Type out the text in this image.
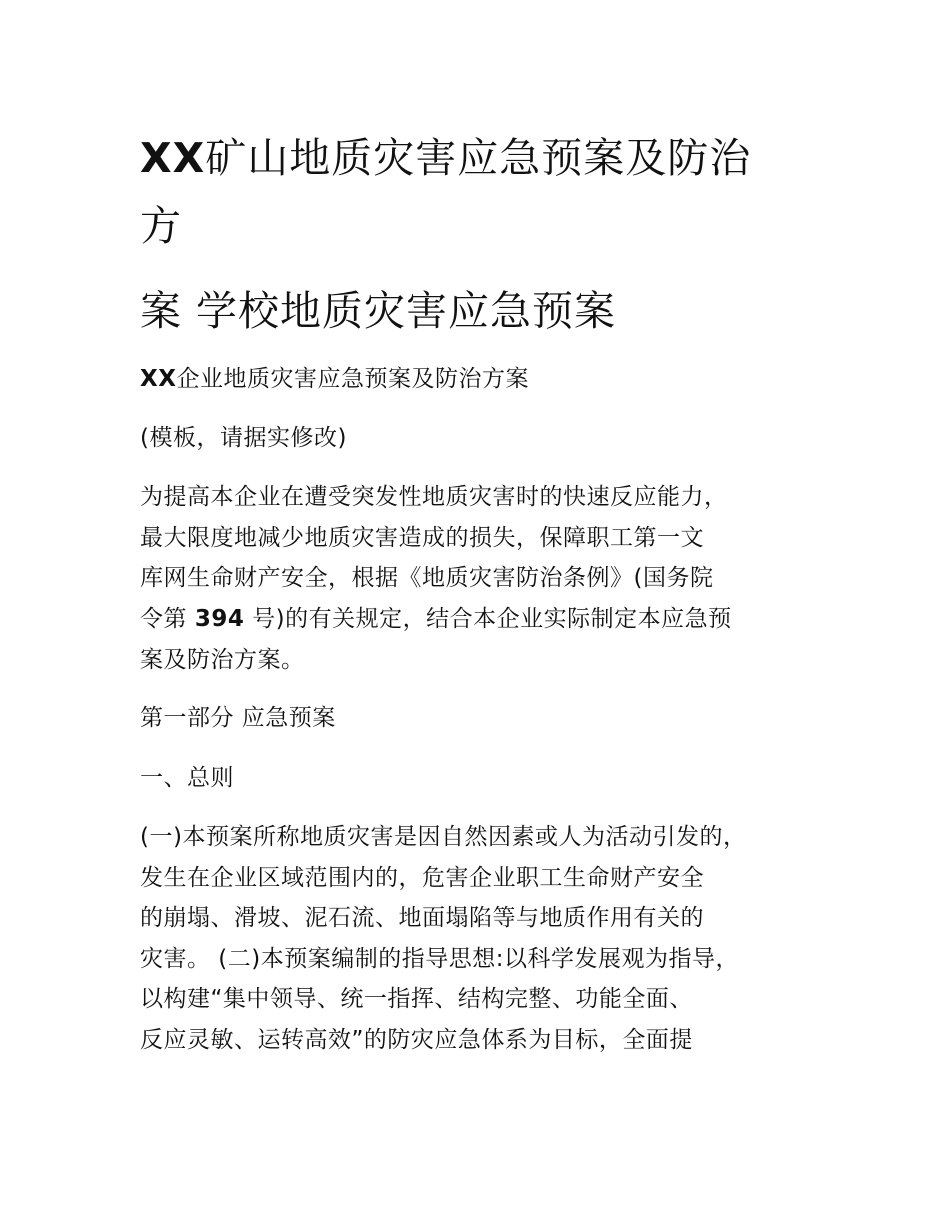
XX矿山地质灾害应急预案及防治
方
案 学校地质灾害应急预案
XX企业地质灾害应急预案及防治方案
(模板，请据实修改)
为提高本企业在遭受突发性地质灾害时的快速反应能力，
最大限度地减少地质灾害造成的损失，保障职工第一文
库网生命财产安全，根据《地质灾害防治条例》(国务院
令第 394 号)的有关规定，结合本企业实际制定本应急预
案及防治方案。
第一部分 应急预案
一、总则
(一)本预案所称地质灾害是因自然因素或人为活动引发的，
发生在企业区域范围内的，危害企业职工生命财产安全
的崩塌、滑坡、泥石流、地面塌陷等与地质作用有关的
灾害。 (二)本预案编制的指导思想:以科学发展观为指导，
以构建“集中领导、统一指挥、结构完整、功能全面、
反应灵敏、运转高效”的防灾应急体系为目标，全面提
